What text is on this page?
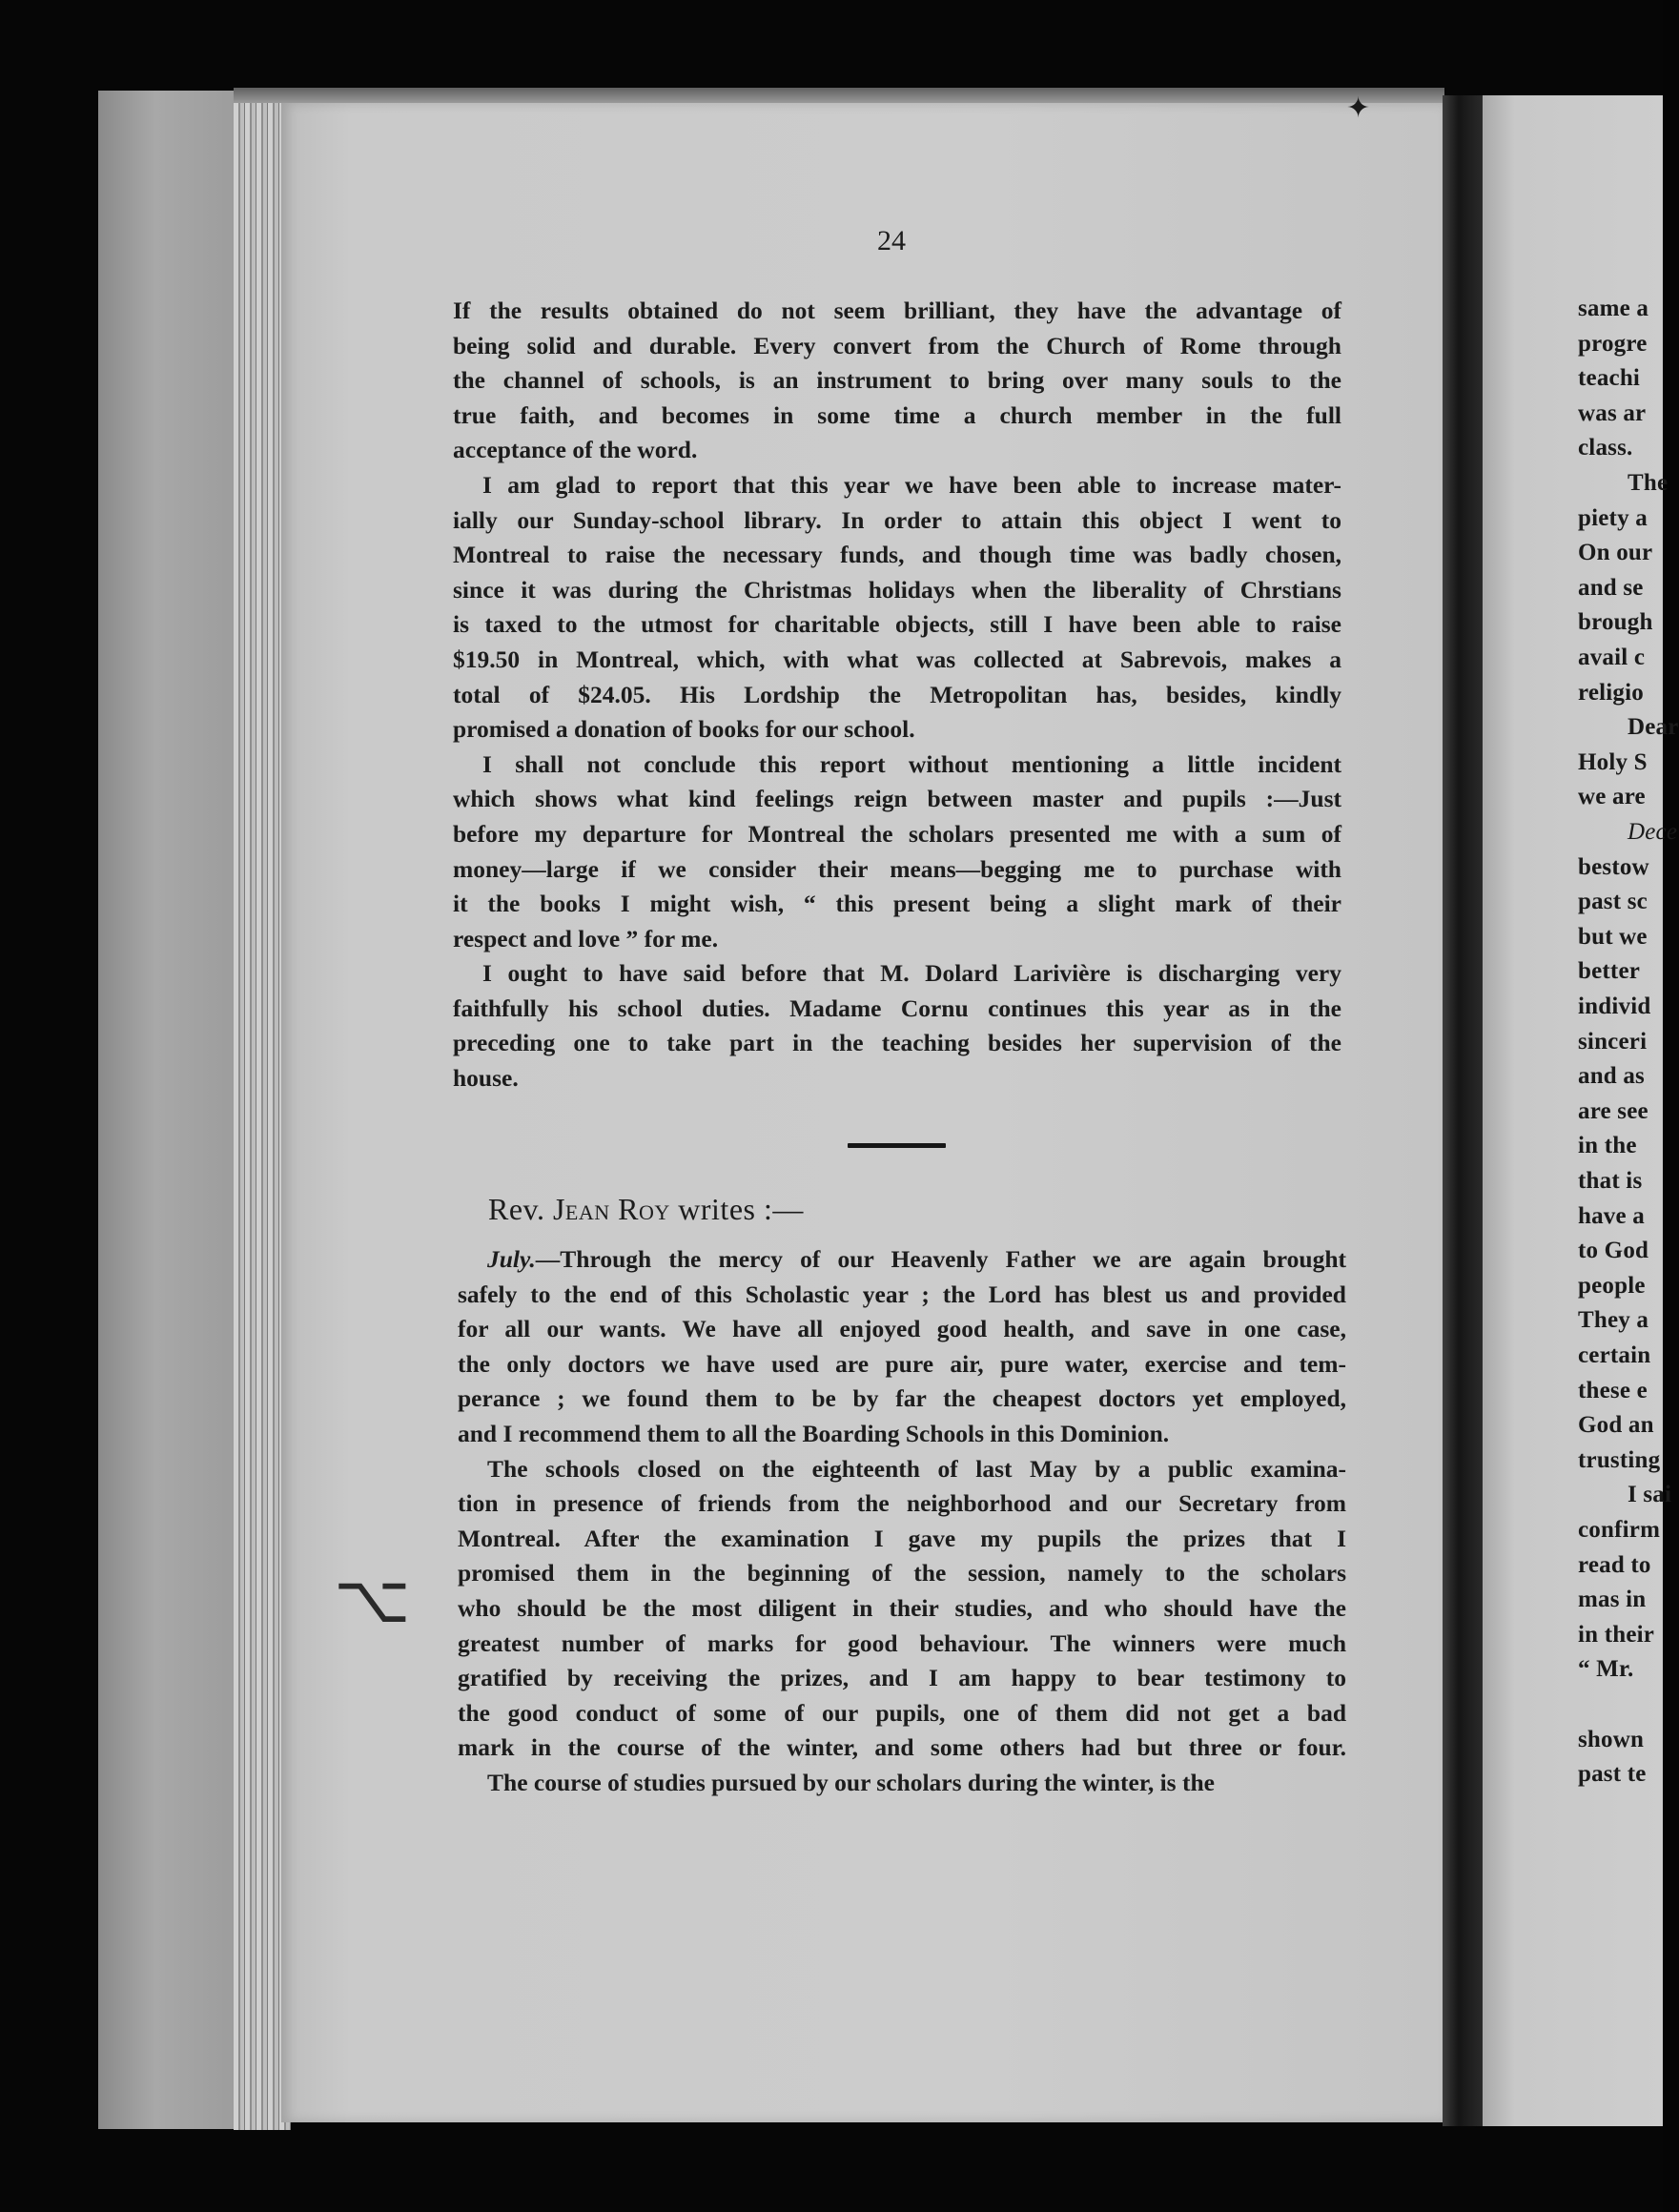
same a
progre
teachi
was ar
class.
The
piety a
On our
and se
brough
avail c
religio
Dear
Holy S
we are
Dece
bestow
past sc
but we
better
individ
sinceri
and as
are see
in the
that is
have a
to God
people
They a
certain
these e
God an
trusting
I sai
confirm
read to
mas in
in their
“ Mr.
shown
past te
24
If the results obtained do not seem brilliant, they have the advantage of
being solid and durable. Every convert from the Church of Rome through
the channel of schools, is an instrument to bring over many souls to the
true faith, and becomes in some time a church member in the full
acceptance of the word.
I am glad to report that this year we have been able to increase mater-
ially our Sunday-school library. In order to attain this object I went to
Montreal to raise the necessary funds, and though time was badly chosen,
since it was during the Christmas holidays when the liberality of Chrstians
is taxed to the utmost for charitable objects, still I have been able to raise
$19.50 in Montreal, which, with what was collected at Sabrevois, makes a
total of $24.05. His Lordship the Metropolitan has, besides, kindly
promised a donation of books for our school.
I shall not conclude this report without mentioning a little incident
which shows what kind feelings reign between master and pupils :—Just
before my departure for Montreal the scholars presented me with a sum of
money—large if we consider their means—begging me to purchase with
it the books I might wish, “ this present being a slight mark of their
respect and love ” for me.
I ought to have said before that M. Dolard Larivière is discharging very
faithfully his school duties. Madame Cornu continues this year as in the
preceding one to take part in the teaching besides her supervision of the
house.
Rev. Jean Roy writes :—
July.—Through the mercy of our Heavenly Father we are again brought
safely to the end of this Scholastic year ; the Lord has blest us and provided
for all our wants. We have all enjoyed good health, and save in one case,
the only doctors we have used are pure air, pure water, exercise and tem-
perance ; we found them to be by far the cheapest doctors yet employed,
and I recommend them to all the Boarding Schools in this Dominion.
The schools closed on the eighteenth of last May by a public examina-
tion in presence of friends from the neighborhood and our Secretary from
Montreal. After the examination I gave my pupils the prizes that I
promised them in the beginning of the session, namely to the scholars
who should be the most diligent in their studies, and who should have the
greatest number of marks for good behaviour. The winners were much
gratified by receiving the prizes, and I am happy to bear testimony to
the good conduct of some of our pupils, one of them did not get a bad
mark in the course of the winter, and some others had but three or four.
The course of studies pursued by our scholars during the winter, is the
✦
⌥
